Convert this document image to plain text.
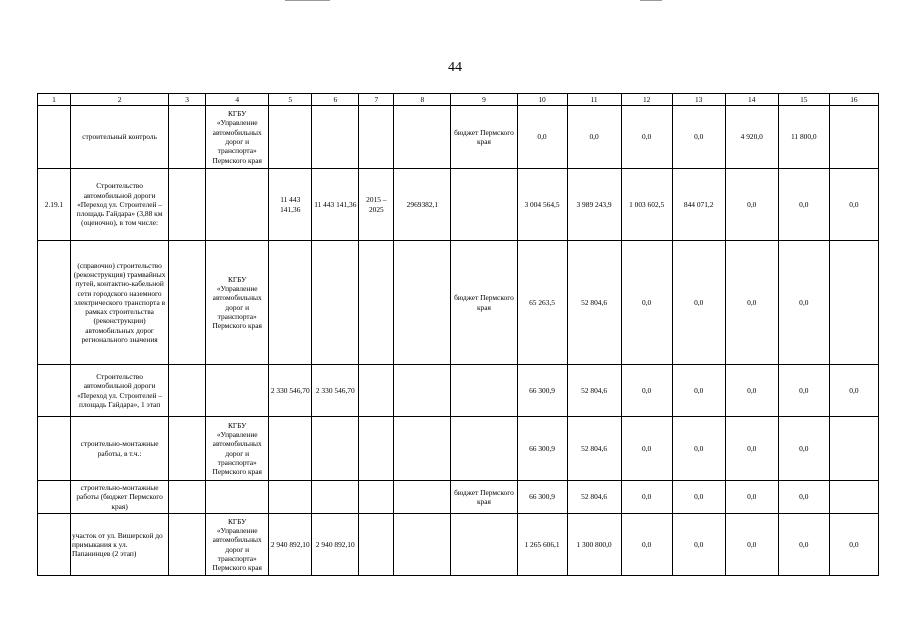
44
1	2	3	4	5	6	7	8	9	10	11	12	13	14	15	16
	строительный контроль		КГБУ «Управление автомобильных дорог и транспорта» Пермского края					бюджет Пермского края	0,0	0,0	0,0	0,0	4 920,0	11 800,0	
2.19.1	Строительство автомобильной дороги «Переход ул. Строителей – площадь Гайдара» (3,88 км (оценочно), в том числе:			11 443 141,36	11 443 141,36	2015 – 2025	2969382,1		3 004 564,5	3 989 243,9	1 003 602,5	844 071,2	0,0	0,0	0,0
	(справочно) строительство (реконструкция) трамвайных путей, контактно-кабельной сети городского наземного электрического транспорта в рамках строительства (реконструкции) автомобильных дорог регионального значения		КГБУ «Управление автомобильных дорог и транспорта» Пермского края					бюджет Пермского края	65 263,5	52 804,6	0,0	0,0	0,0	0,0	
	Строительство автомобильной дороги «Переход ул. Строителей – площадь Гайдара», 1 этап			2 330 546,70	2 330 546,70				66 300,9	52 804,6	0,0	0,0	0,0	0,0	0,0
	строительно-монтажные работы, в т.ч.:		КГБУ «Управление автомобильных дорог и транспорта» Пермского края						66 300,9	52 804,6	0,0	0,0	0,0	0,0	
	строительно-монтажные работы (бюджет Пермского края)							бюджет Пермского края	66 300,9	52 804,6	0,0	0,0	0,0	0,0	
	участок от ул. Вишерской до примыкания к ул. Папанинцев (2 этап)		КГБУ «Управление автомобильных дорог и транспорта» Пермского края	2 940 892,10	2 940 892,10				1 265 606,1	1 300 800,0	0,0	0,0	0,0	0,0	0,0
